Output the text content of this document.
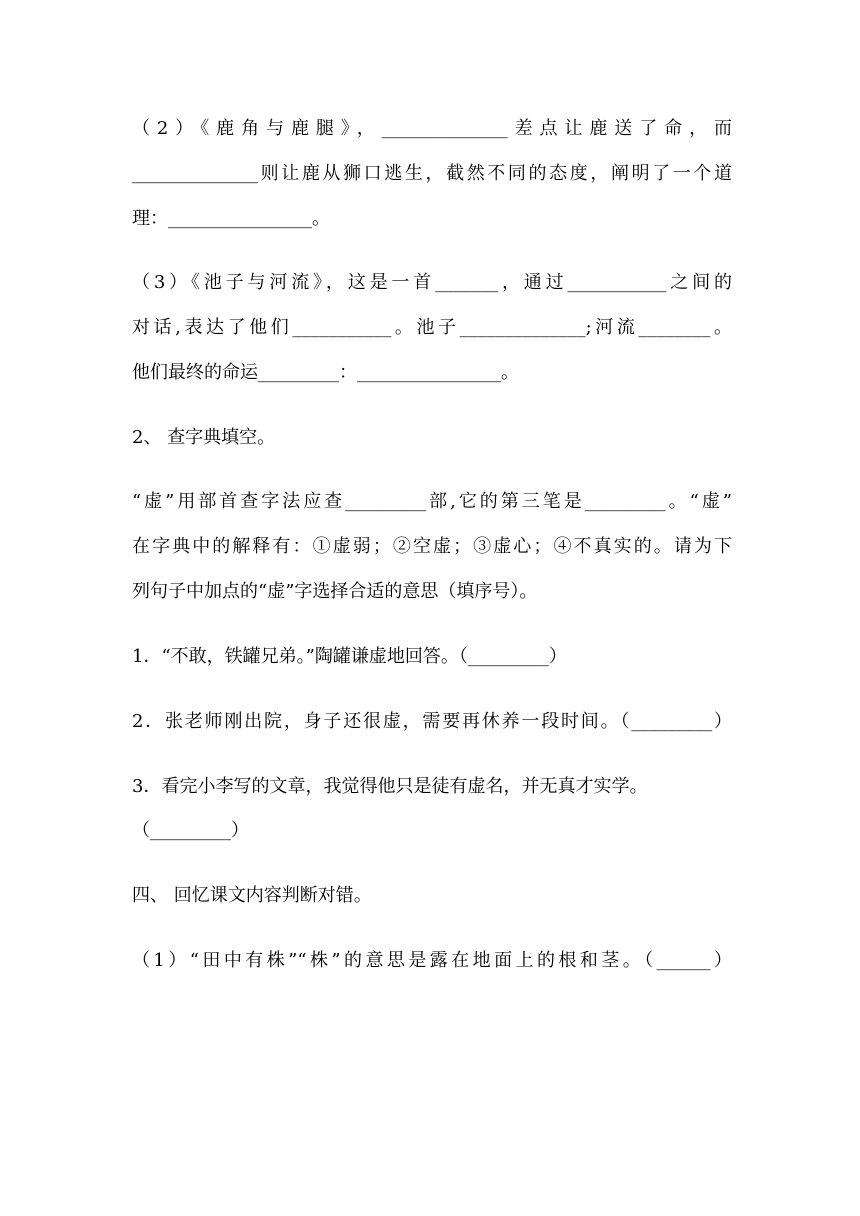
（2）《鹿角与鹿腿》，______________差点让鹿送了命，而
______________则让鹿从狮口逃生，截然不同的态度，阐明了一个道
理：________________。
（3）《池子与河流》，这是一首_______，通过___________之间的
对话,表达了他们___________。池子______________;河流________。
他们最终的命运_________：________________。
2、 查字典填空。
“虚”用部首查字法应查_________部,它的第三笔是_________。“虚”
在字典中的解释有：①虚弱；②空虚；③虚心；④不真实的。请为下
列句子中加点的“虚”字选择合适的意思（填序号）。
1．“不敢，铁罐兄弟。”陶罐谦虚地回答。（_________）
2．张老师刚出院，身子还很虚，需要再休养一段时间。（_________）
3．看完小李写的文章，我觉得他只是徒有虚名，并无真才实学。
（_________）
四、 回忆课文内容判断对错。
（1）“田中有株”“株”的意思是露在地面上的根和茎。（______）
